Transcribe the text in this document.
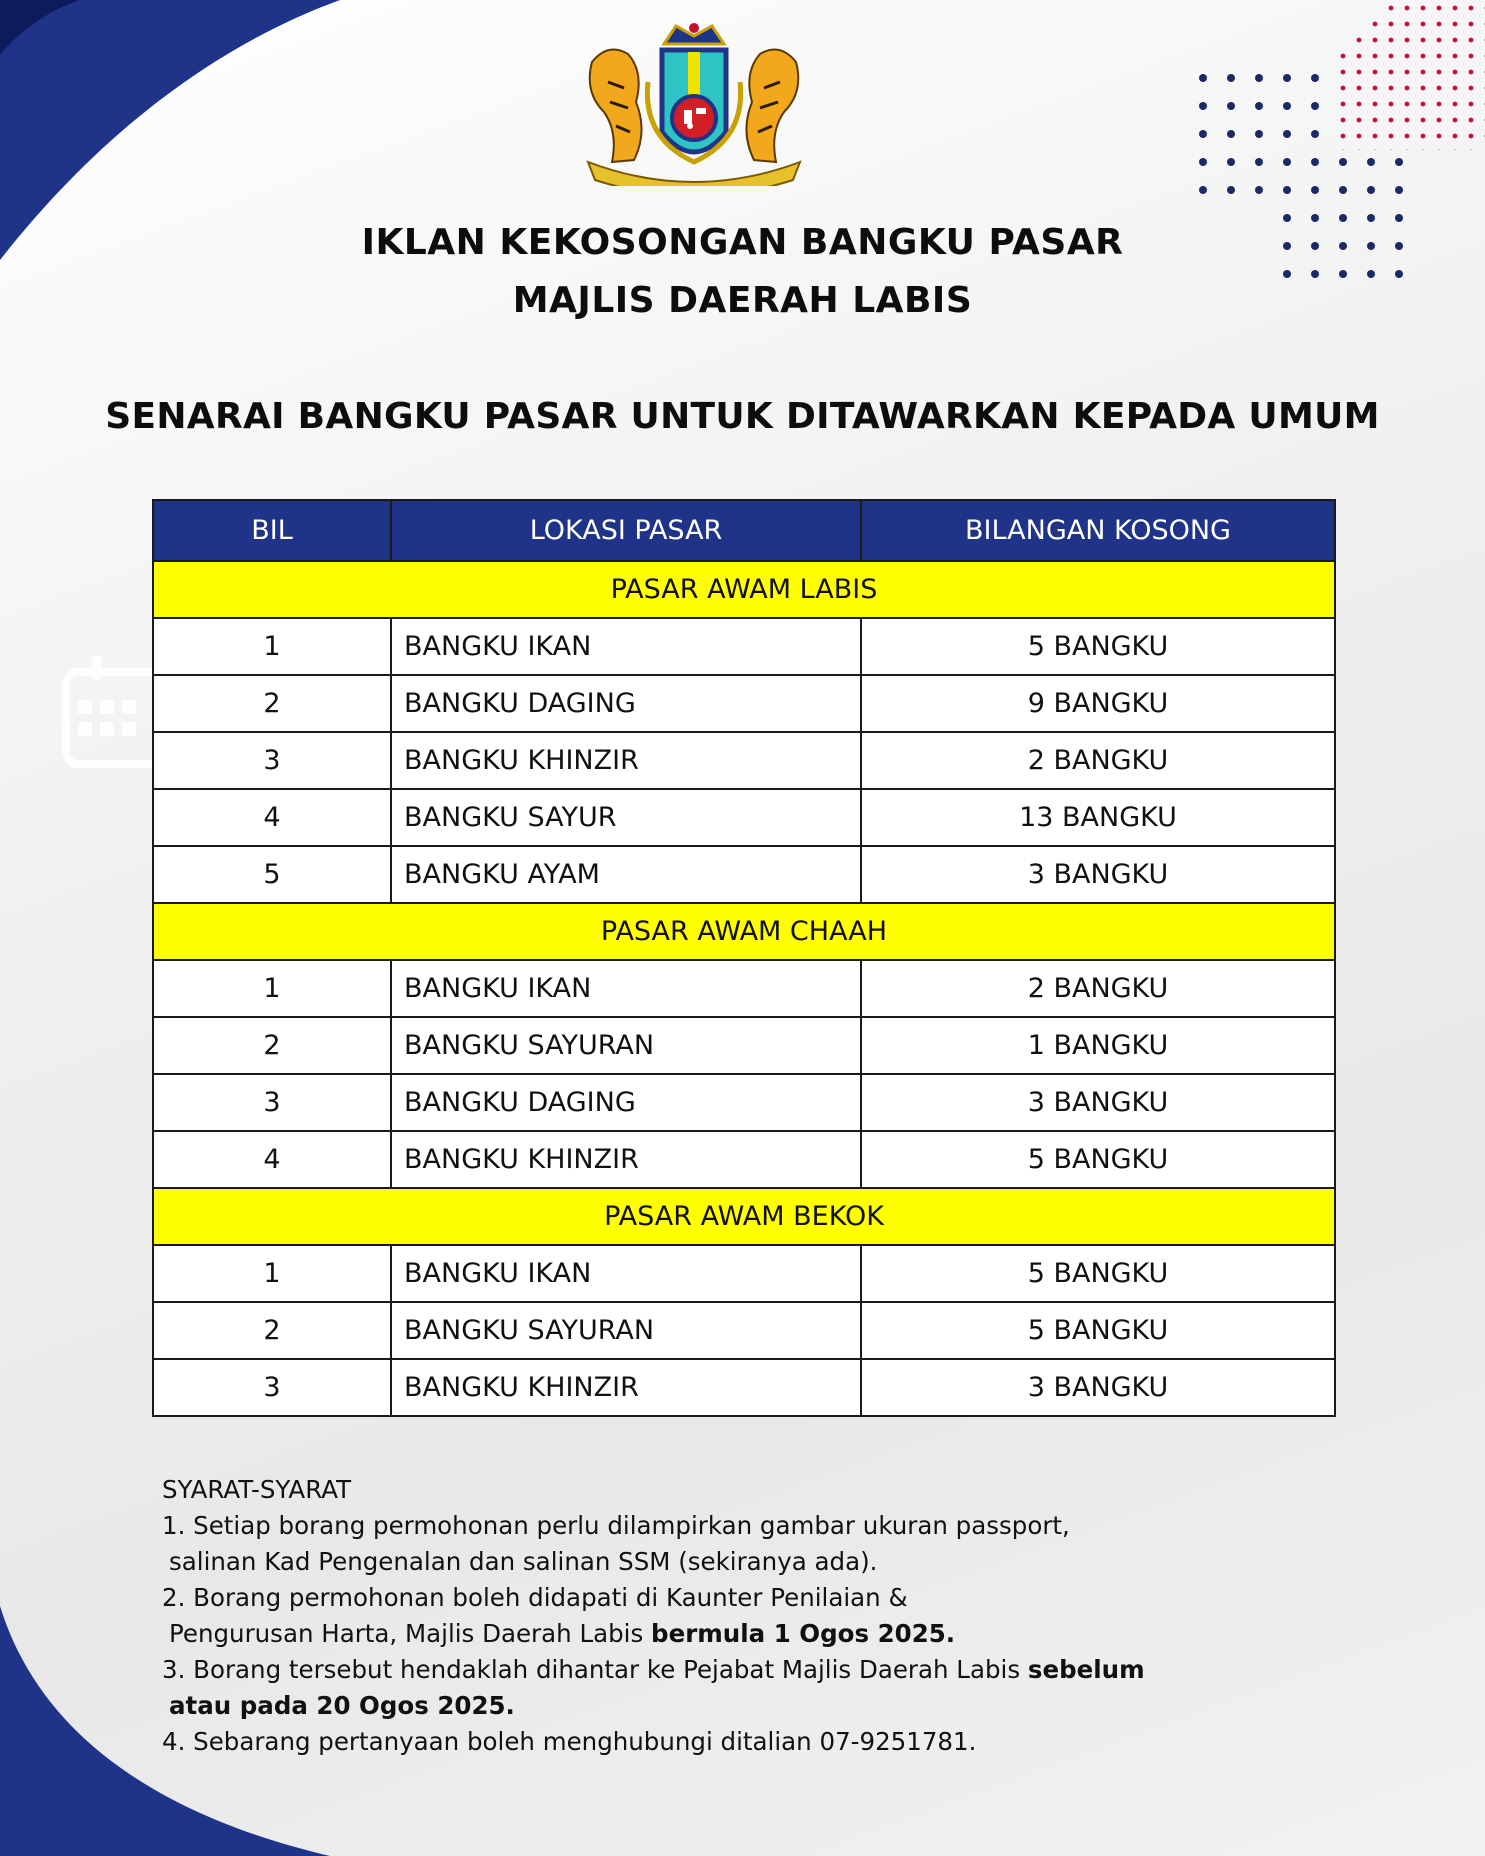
IKLAN KEKOSONGAN BANGKU PASAR
MAJLIS DAERAH LABIS
SENARAI BANGKU PASAR UNTUK DITAWARKAN KEPADA UMUM
BIL	LOKASI PASAR	BILANGAN KOSONG
PASAR AWAM LABIS		
1	BANGKU IKAN	5 BANGKU
2	BANGKU DAGING	9 BANGKU
3	BANGKU KHINZIR	2 BANGKU
4	BANGKU SAYUR	13 BANGKU
5	BANGKU AYAM	3 BANGKU
PASAR AWAM CHAAH		
1	BANGKU IKAN	2 BANGKU
2	BANGKU SAYURAN	1 BANGKU
3	BANGKU DAGING	3 BANGKU
4	BANGKU KHINZIR	5 BANGKU
PASAR AWAM BEKOK		
1	BANGKU IKAN	5 BANGKU
2	BANGKU SAYURAN	5 BANGKU
3	BANGKU KHINZIR	3 BANGKU
SYARAT-SYARAT
1. Setiap borang permohonan perlu dilampirkan gambar ukuran passport,
salinan Kad Pengenalan dan salinan SSM (sekiranya ada).
2. Borang permohonan boleh didapati di Kaunter Penilaian &
Pengurusan Harta, Majlis Daerah Labis bermula 1 Ogos 2025.
3. Borang tersebut hendaklah dihantar ke Pejabat Majlis Daerah Labis sebelum
atau pada 20 Ogos 2025.
4. Sebarang pertanyaan boleh menghubungi ditalian 07-9251781.
